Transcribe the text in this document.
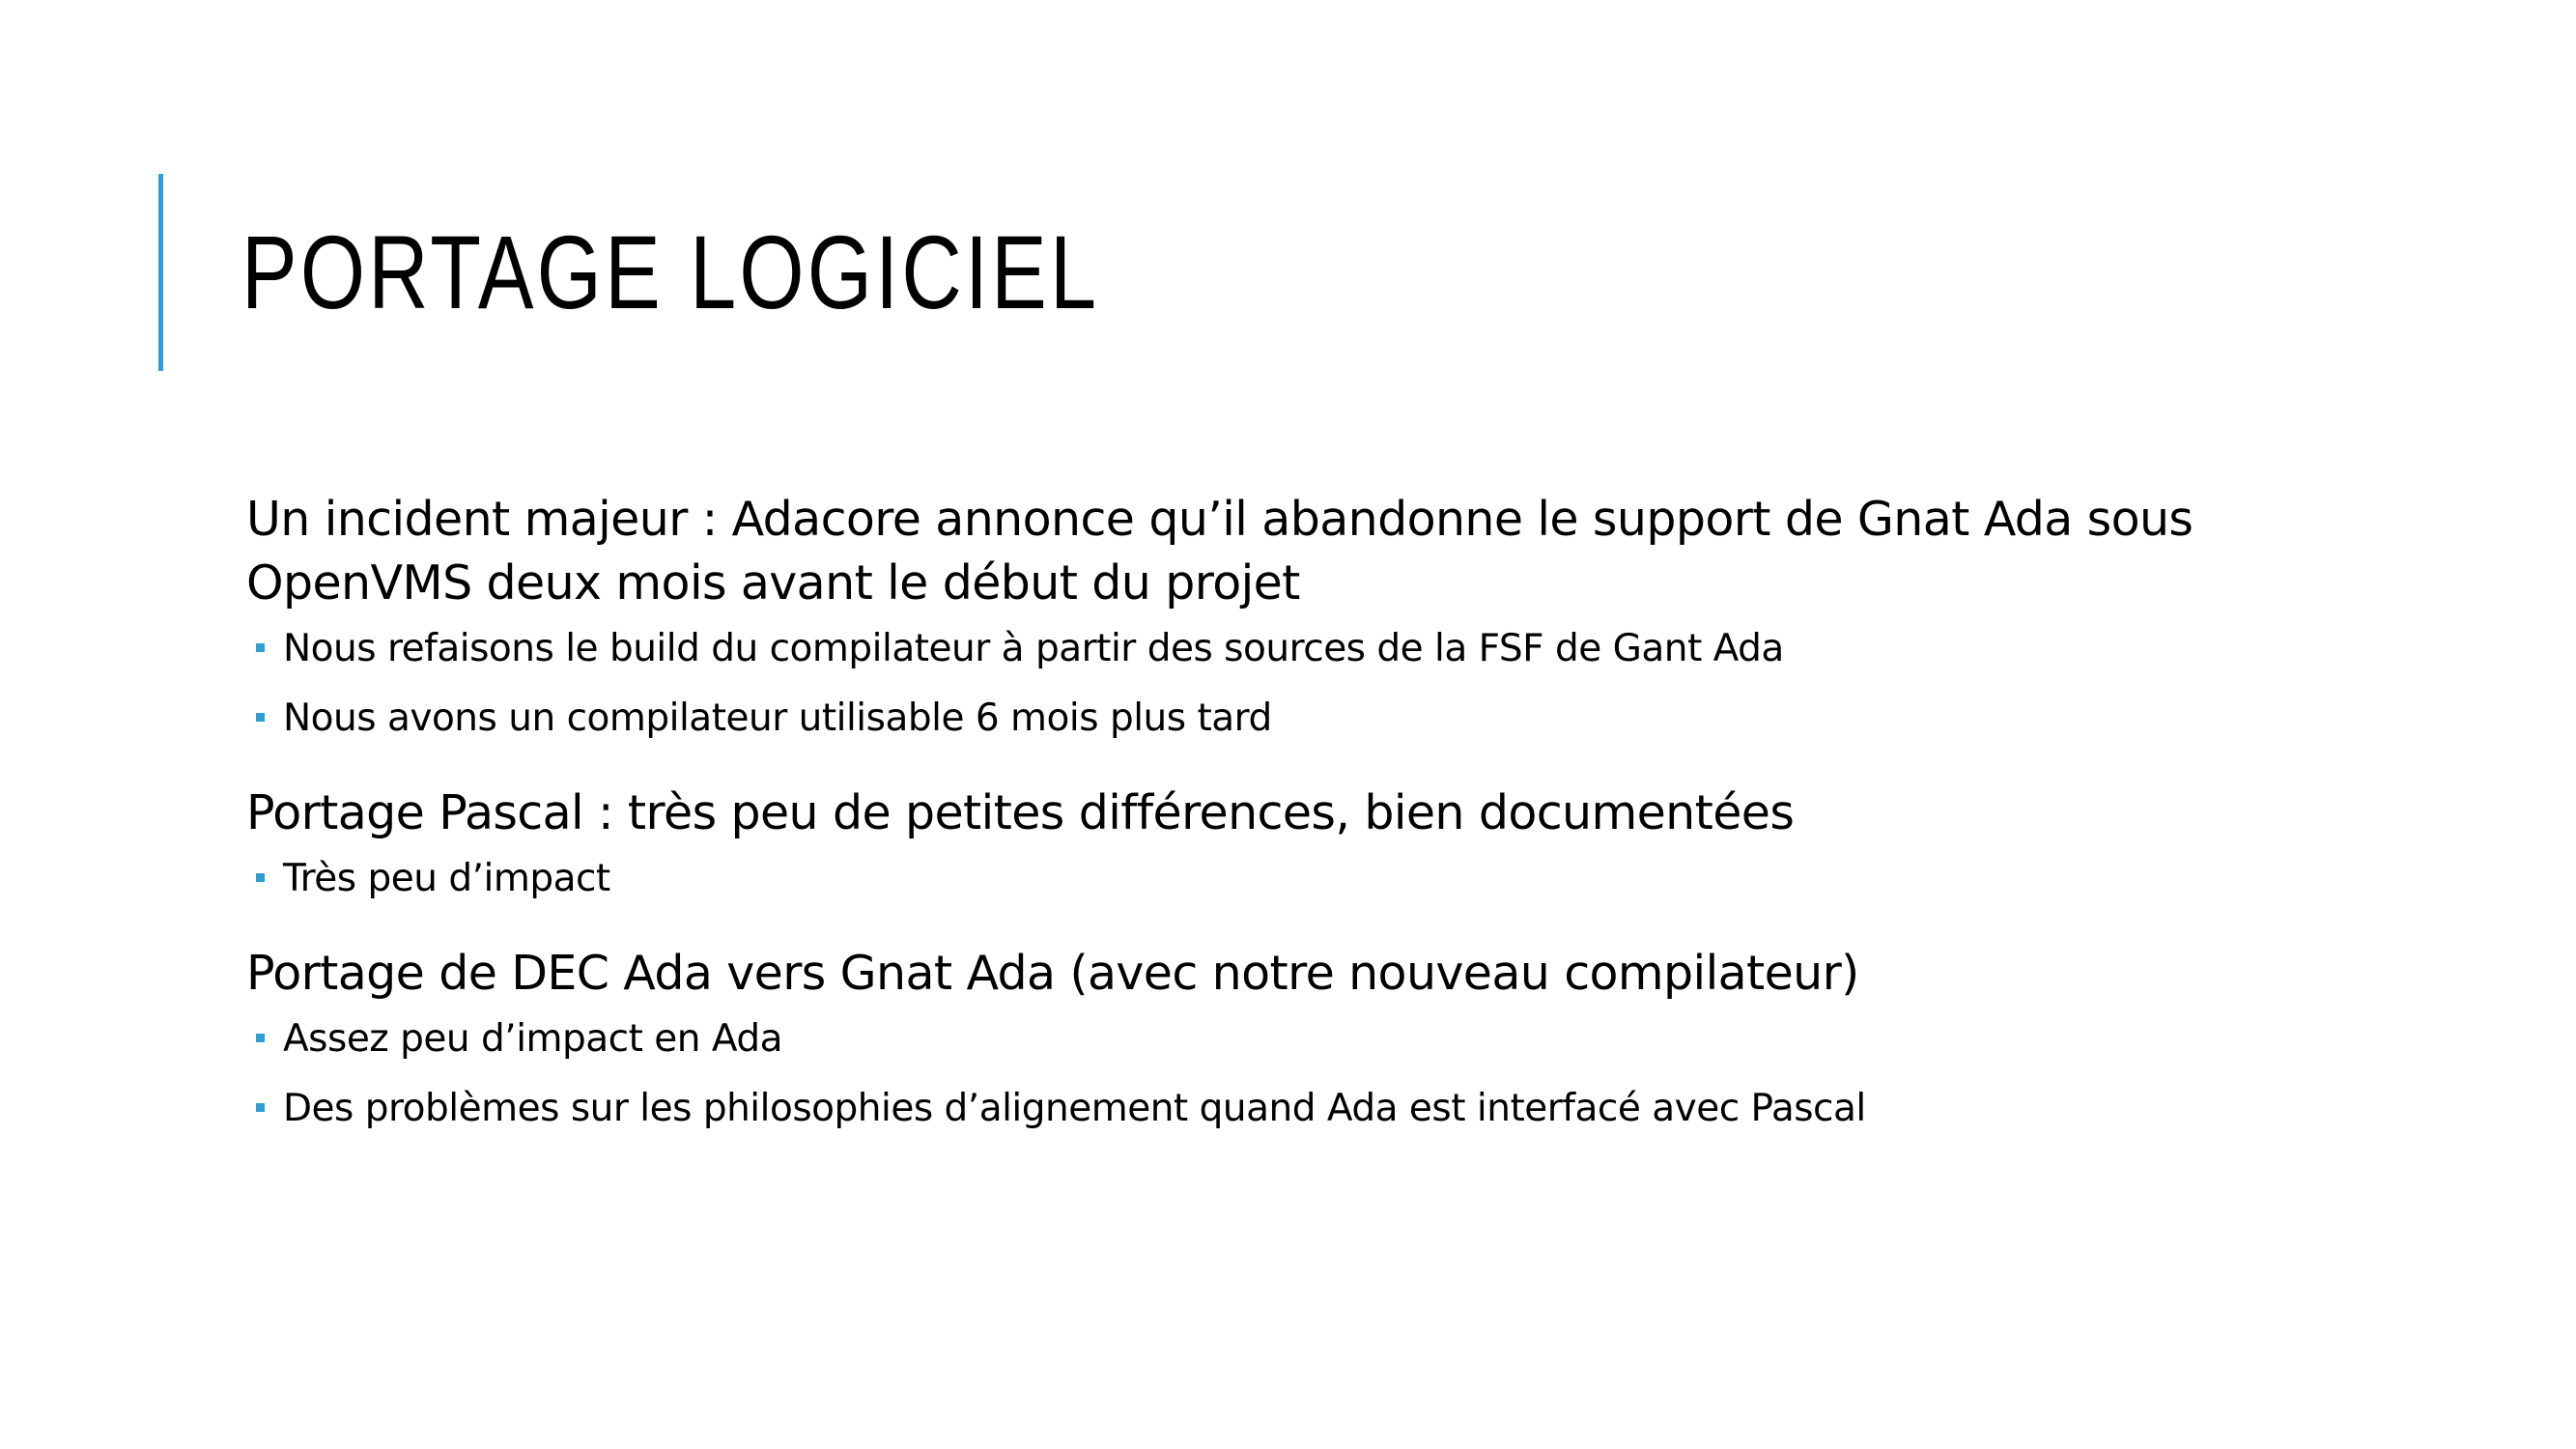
PORTAGE LOGICIEL

Un incident majeur : Adacore annonce qu’il abandonne le support de Gnat Ada sous OpenVMS deux mois avant le début du projet

Nous refaisons le build du compilateur à partir des sources de la FSF de Gant Ada
Nous avons un compilateur utilisable 6 mois plus tard

Portage Pascal : très peu de petites différences, bien documentées

Très peu d’impact

Portage de DEC Ada vers Gnat Ada (avec notre nouveau compilateur)

Assez peu d’impact en Ada
Des problèmes sur les philosophies d’alignement quand Ada est interfacé avec Pascal
